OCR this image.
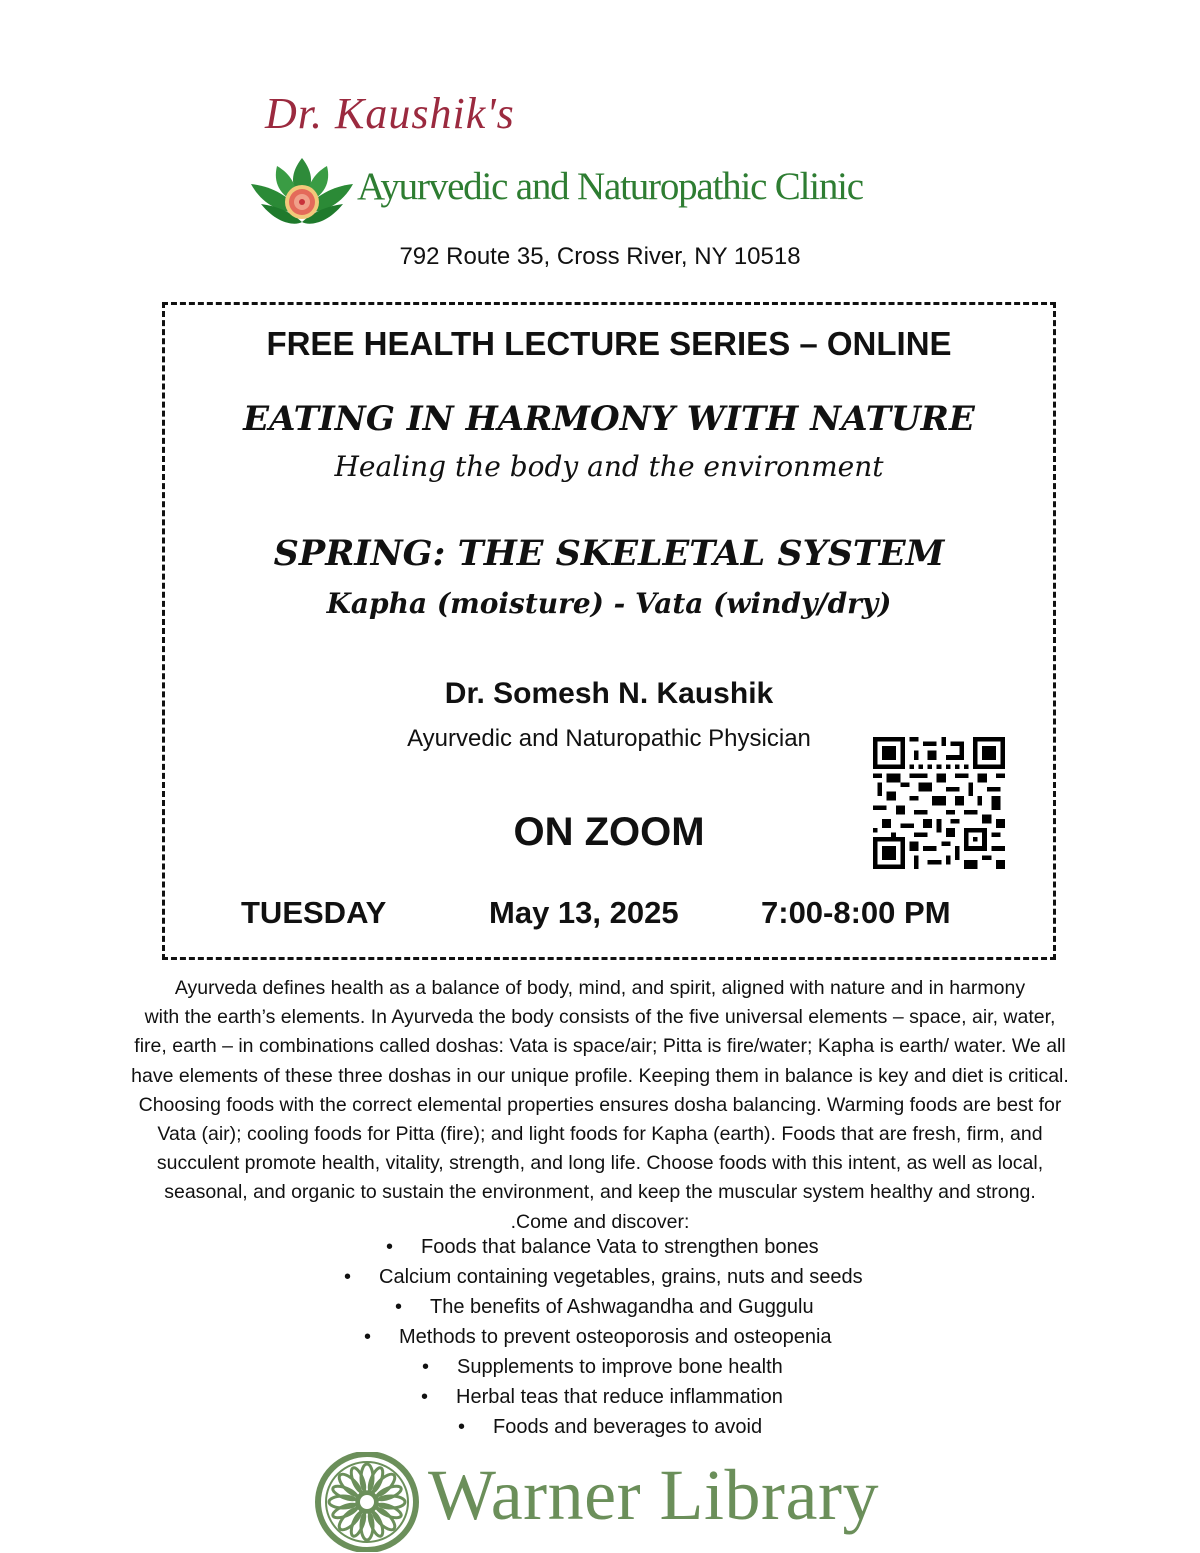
Dr. Kaushik's
Ayurvedic and Naturopathic Clinic
792 Route 35, Cross River, NY 10518
FREE HEALTH LECTURE SERIES – ONLINE
EATING IN HARMONY WITH NATURE
Healing the body and the environment
SPRING: THE SKELETAL SYSTEM
Kapha (moisture) - Vata (windy/dry)
Dr. Somesh N. Kaushik
Ayurvedic and Naturopathic Physician
ON ZOOM
TUESDAY	May 13, 2025	7:00-8:00 PM
Ayurveda defines health as a balance of body, mind, and spirit, aligned with nature and in harmony
with the earth’s elements. In Ayurveda the body consists of the five universal elements – space, air, water,
fire, earth – in combinations called doshas: Vata is space/air; Pitta is fire/water; Kapha is earth/ water. We all
have elements of these three doshas in our unique profile. Keeping them in balance is key and diet is critical.
Choosing foods with the correct elemental properties ensures dosha balancing. Warming foods are best for
Vata (air); cooling foods for Pitta (fire); and light foods for Kapha (earth). Foods that are fresh, firm, and
succulent promote health, vitality, strength, and long life. Choose foods with this intent, as well as local,
seasonal, and organic to sustain the environment, and keep the muscular system healthy and strong.
.Come and discover:
• Foods that balance Vata to strengthen bones
• Calcium containing vegetables, grains, nuts and seeds
• The benefits of Ashwagandha and Guggulu
• Methods to prevent osteoporosis and osteopenia
• Supplements to improve bone health
• Herbal teas that reduce inflammation
• Foods and beverages to avoid
Warner Library
